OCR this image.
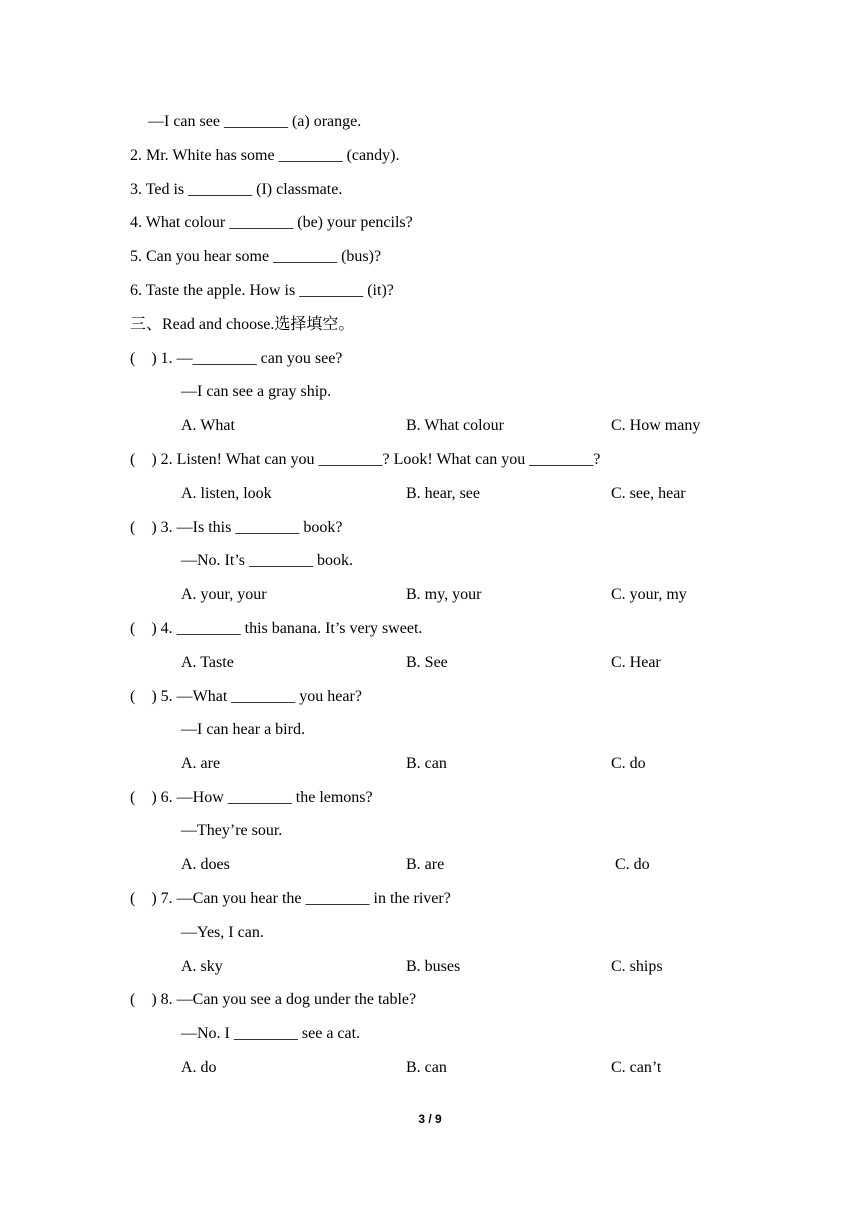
—I can see ________ (a) orange.
2. Mr. White has some ________ (candy).
3. Ted is ________ (I) classmate.
4. What colour ________ (be) your pencils?
5. Can you hear some ________ (bus)?
6. Taste the apple. How is ________ (it)?
三、Read and choose.选择填空。
(    ) 1. —________ can you see?
—I can see a gray ship.
A. What	B. What colour	C. How many
(    ) 2. Listen! What can you ________? Look! What can you ________?
A. listen, look	B. hear, see	C. see, hear
(    ) 3. —Is this ________ book?
—No. It’s ________ book.
A. your, your	B. my, your	C. your, my
(    ) 4. ________ this banana. It’s very sweet.
A. Taste	B. See	C. Hear
(    ) 5. —What ________ you hear?
—I can hear a bird.
A. are	B. can	C. do
(    ) 6. —How ________ the lemons?
—They’re sour.
A. does	B. are	C. do
(    ) 7. —Can you hear the ________ in the river?
—Yes, I can.
A. sky	B. buses	C. ships
(    ) 8. —Can you see a dog under the table?
—No. I ________ see a cat.
A. do	B. can	C. can’t
3 / 9
